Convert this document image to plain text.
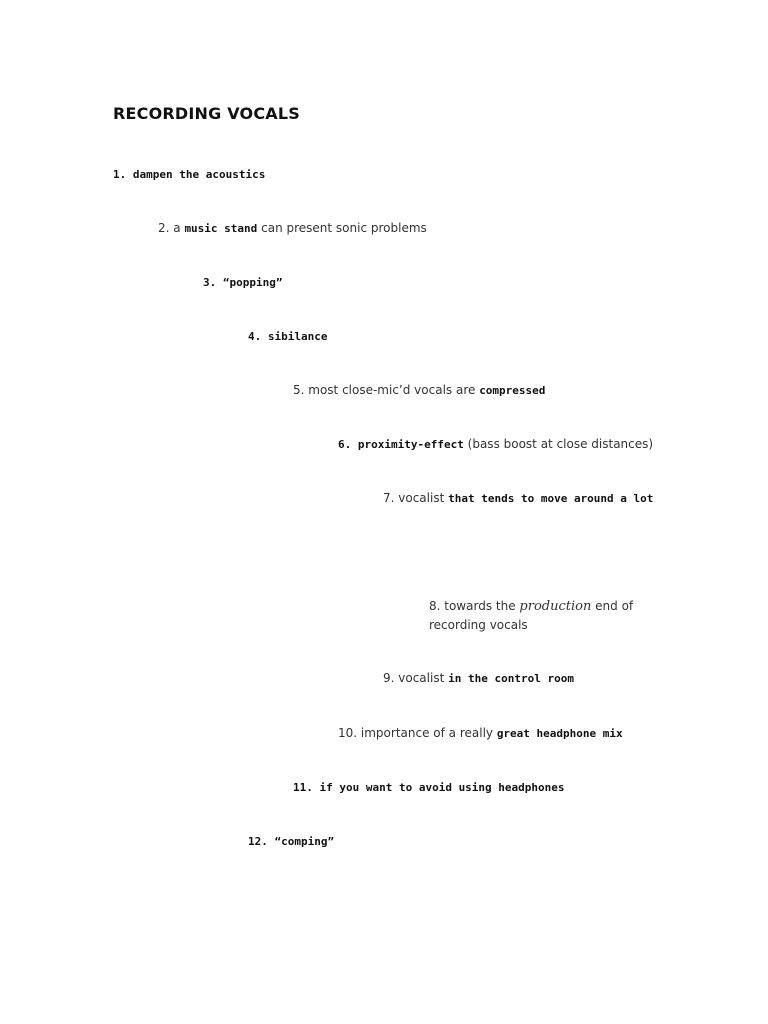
RECORDING VOCALS
1. dampen the acoustics
2. a music stand can present sonic problems
3. “popping”
4. sibilance
5. most close-mic’d vocals are compressed
6. proximity-effect (bass boost at close distances)
7. vocalist that tends to move around a lot
8. towards the production end of
recording vocals
9. vocalist in the control room
10. importance of a really great headphone mix
11. if you want to avoid using headphones
12. “comping”
